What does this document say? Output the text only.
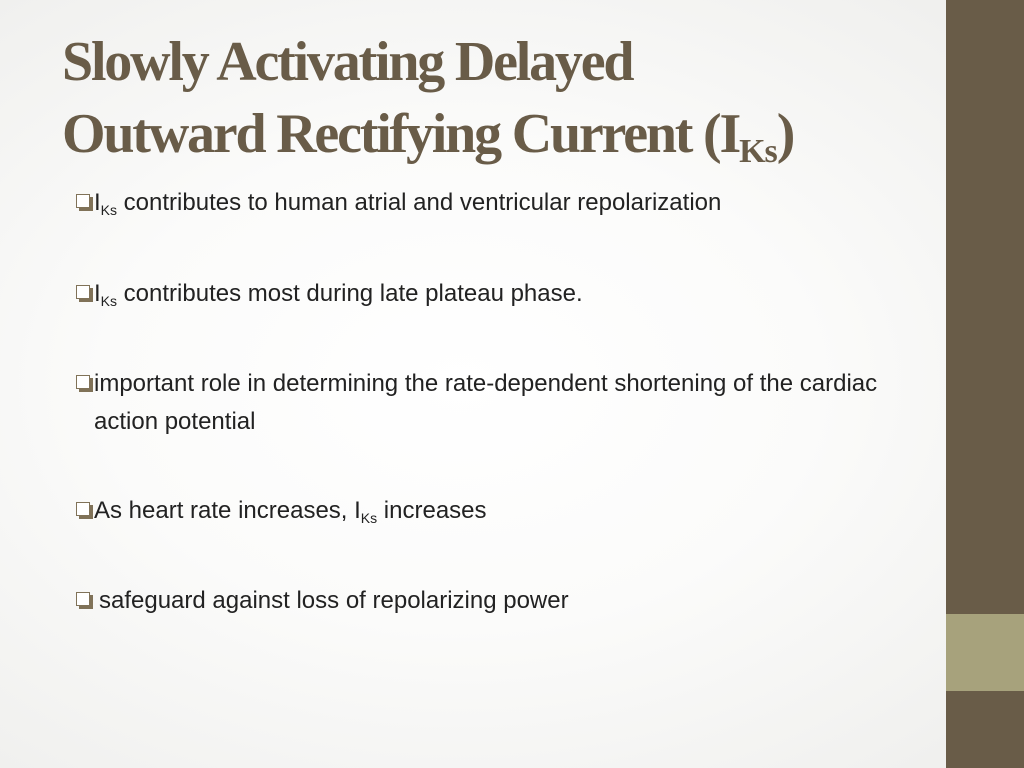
Slowly Activating Delayed
Outward Rectifying Current $(I_{Ks})$
$I_{Ks}$ contributes to human atrial and ventricular repolarization
$I_{Ks}$ contributes most during late plateau phase.
important role in determining the rate-dependent shortening of the cardiac action potential
As heart rate increases, $I_{Ks}$ increases
safeguard against loss of repolarizing power
